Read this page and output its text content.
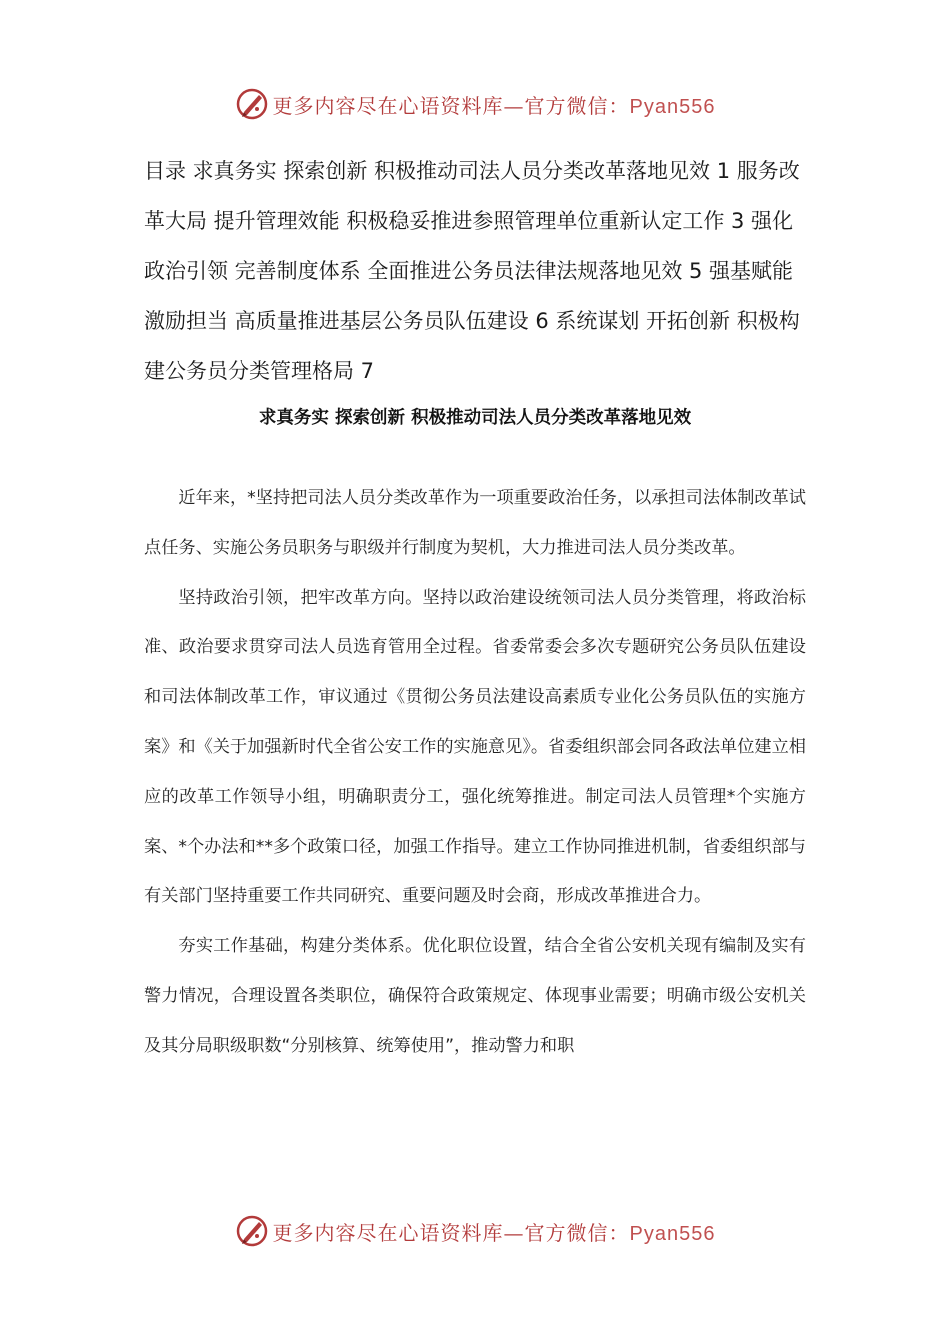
更多内容尽在心语资料库—官方微信：Pyan556

目录 求真务实 探索创新 积极推动司法人员分类改革落地见效 1 服务改革大局 提升管理效能 积极稳妥推进参照管理单位重新认定工作 3 强化政治引领 完善制度体系 全面推进公务员法律法规落地见效 5 强基赋能 激励担当 高质量推进基层公务员队伍建设 6 系统谋划 开拓创新 积极构建公务员分类管理格局 7

求真务实 探索创新 积极推动司法人员分类改革落地见效

近年来，*坚持把司法人员分类改革作为一项重要政治任务，以承担司法体制改革试点任务、实施公务员职务与职级并行制度为契机，大力推进司法人员分类改革。

坚持政治引领，把牢改革方向。坚持以政治建设统领司法人员分类管理，将政治标准、政治要求贯穿司法人员选育管用全过程。省委常委会多次专题研究公务员队伍建设和司法体制改革工作，审议通过《贯彻公务员法建设高素质专业化公务员队伍的实施方案》和《关于加强新时代全省公安工作的实施意见》。省委组织部会同各政法单位建立相应的改革工作领导小组，明确职责分工，强化统筹推进。制定司法人员管理*个实施方案、*个办法和**多个政策口径，加强工作指导。建立工作协同推进机制，省委组织部与有关部门坚持重要工作共同研究、重要问题及时会商，形成改革推进合力。

夯实工作基础，构建分类体系。优化职位设置，结合全省公安机关现有编制及实有警力情况，合理设置各类职位，确保符合政策规定、体现事业需要；明确市级公安机关及其分局职级职数“分别核算、统筹使用”，推动警力和职

更多内容尽在心语资料库—官方微信：Pyan556
